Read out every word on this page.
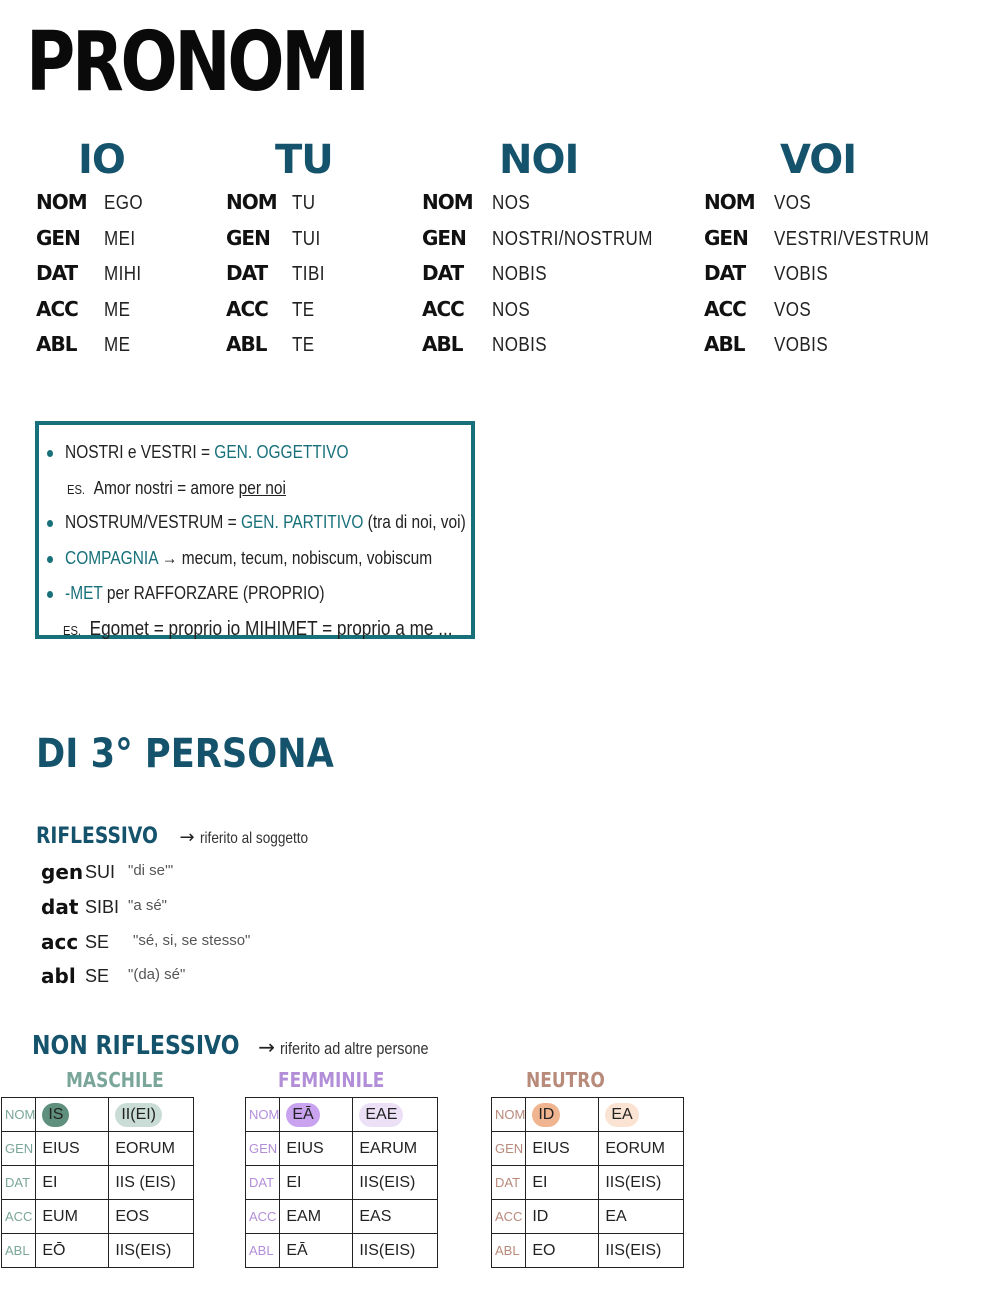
PRONOMI
IO
NOM EGO
GEN MEI
DAT MIHI
ACC ME
ABL ME
TU
NOM TU
GEN TUI
DAT TIBI
ACC TE
ABL TE
NOI
NOM NOS
GEN NOSTRI/NOSTRUM
DAT NOBIS
ACC NOS
ABL NOBIS
VOI
NOM VOS
GEN VESTRI/VESTRUM
DAT VOBIS
ACC VOS
ABL VOBIS
NOSTRI e VESTRI = GEN. OGGETTIVO
ES. Amor nostri = amore per noi
NOSTRUM/VESTRUM = GEN. PARTITIVO (tra di noi, voi)
COMPAGNIA → mecum, tecum, nobiscum, vobiscum
-MET per RAFFORZARE (PROPRIO)
ES. Egomet = proprio io MIHIMET = proprio a me ...
DI 3° PERSONA
RIFLESSIVO → riferito al soggetto
gen SUI "di se'"
dat SIBI "a sé"
acc SE "sé, si, se stesso"
abl SE "(da) sé"
NON RIFLESSIVO → riferito ad altre persone
MASCHILE
NOM	IS	II(EI)
GEN	EIUS	EORUM
DAT	EI	IIS (EIS)
ACC	EUM	EOS
ABL	EŌ	IIS(EIS)
FEMMINILE
NOM	EĀ	EAE
GEN	EIUS	EARUM
DAT	EI	IIS(EIS)
ACC	EAM	EAS
ABL	EĀ	IIS(EIS)
NEUTRO
NOM	ID	EA
GEN	EIUS	EORUM
DAT	EI	IIS(EIS)
ACC	ID	EA
ABL	EO	IIS(EIS)
